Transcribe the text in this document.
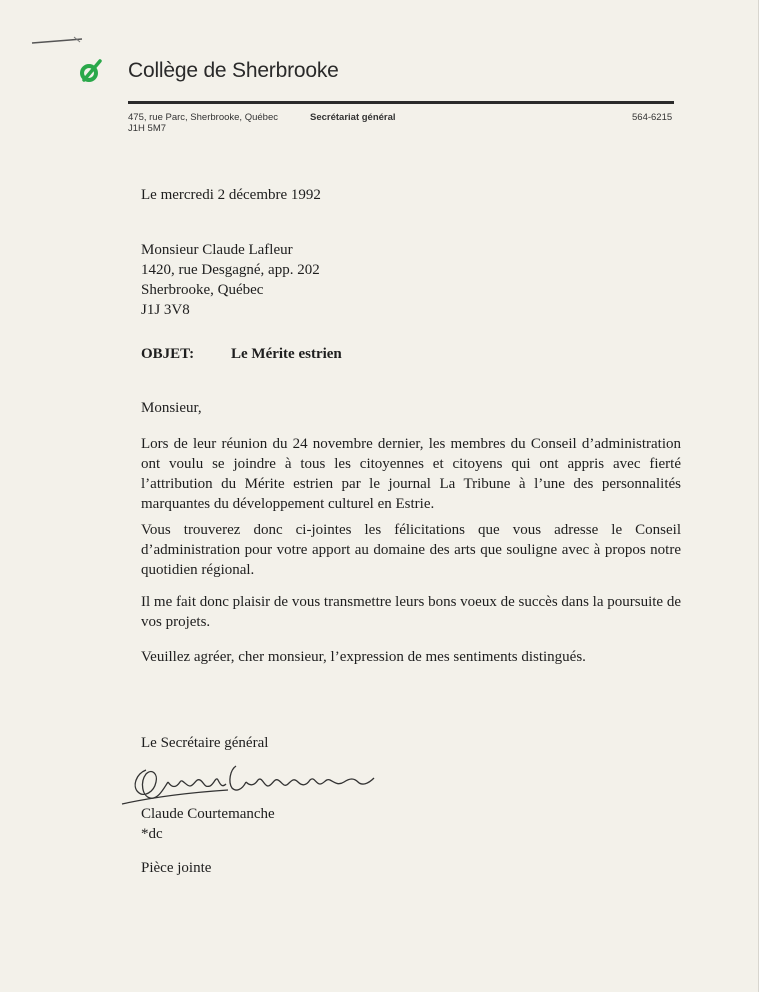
Collège de Sherbrooke
475, rue Parc, Sherbrooke, Québec
J1H 5M7
Secrétariat général	564-6215
Le mercredi 2 décembre 1992
Monsieur Claude Lafleur
1420, rue Desgagné, app. 202
Sherbrooke, Québec
J1J 3V8
OBJET: Le Mérite estrien
Monsieur,
Lors de leur réunion du 24 novembre dernier, les membres du Conseil d’administration ont voulu se joindre à tous les citoyennes et citoyens qui ont appris avec fierté l’attribution du Mérite estrien par le journal La Tribune à l’une des personnalités marquantes du développement culturel en Estrie.
Vous trouverez donc ci-jointes les félicitations que vous adresse le Conseil d’administration pour votre apport au domaine des arts que souligne avec à propos notre quotidien régional.
Il me fait donc plaisir de vous transmettre leurs bons voeux de succès dans la poursuite de vos projets.
Veuillez agréer, cher monsieur, l’expression de mes sentiments distingués.
Le Secrétaire général
Claude Courtemanche
*dc
Pièce jointe
